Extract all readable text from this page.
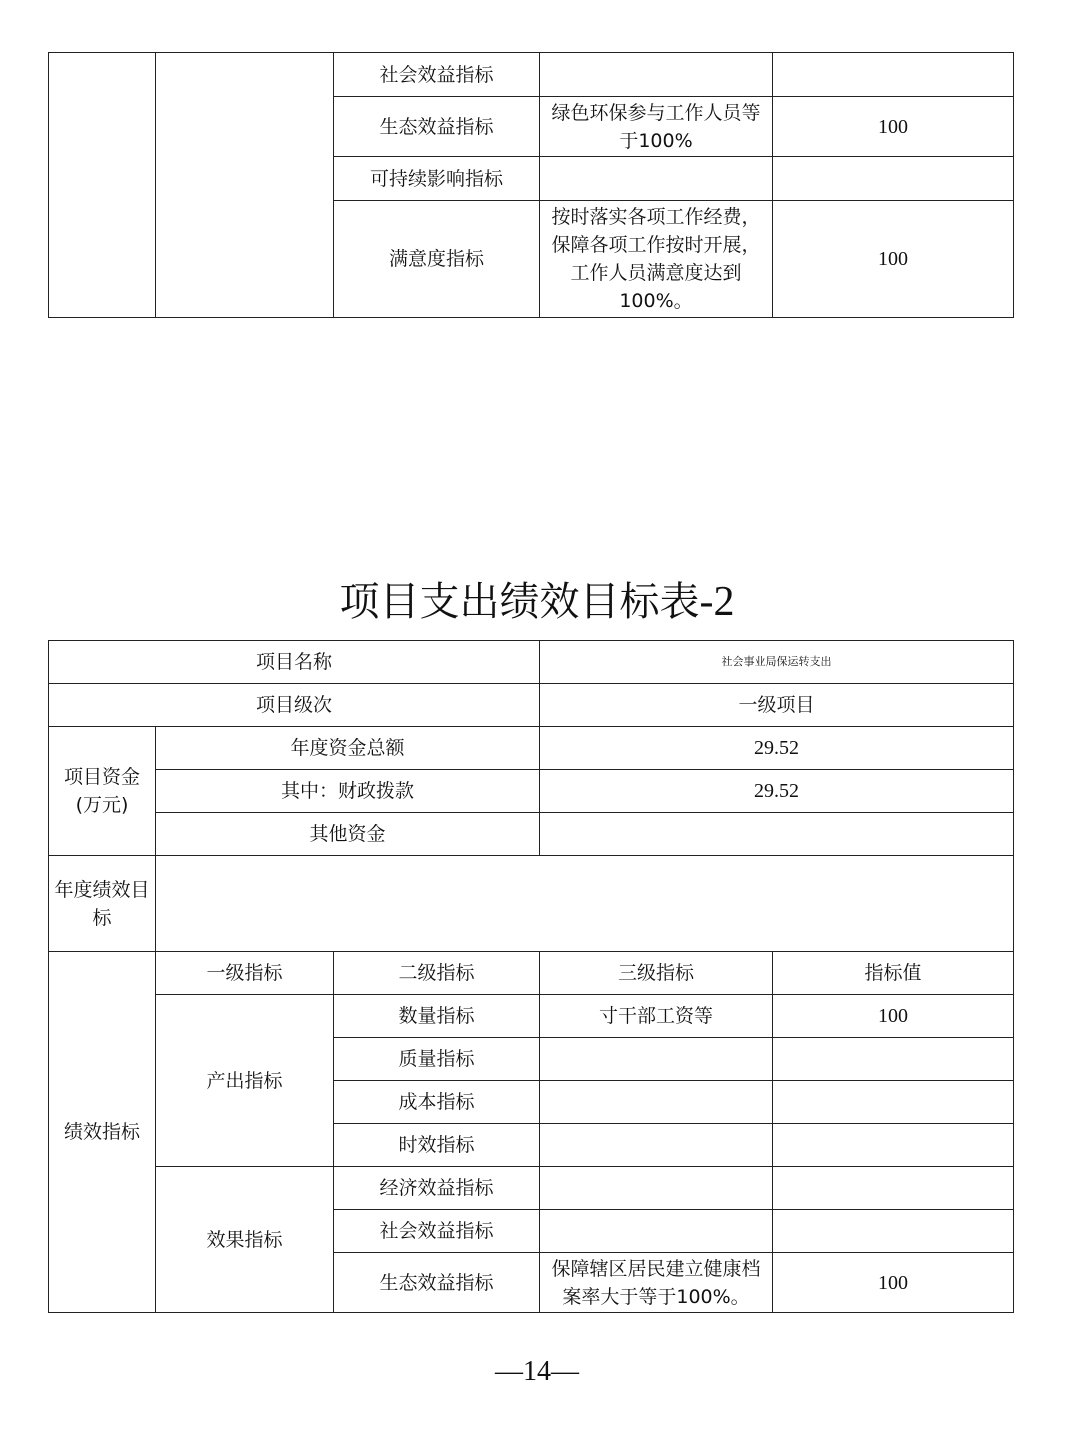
		社会效益指标		
		生态效益指标	绿色环保参与工作人员等于100%	100
		可持续影响指标		
		满意度指标	按时落实各项工作经费，保障各项工作按时开展，工作人员满意度达到100%。	100
项目支出绩效目标表-2
项目名称			社会事业局保运转支出	
项目级次			一级项目	
项目资金(万元)	年度资金总额		29.52	
	其中：财政拨款		29.52	
	其他资金			
年度绩效目标				
绩效指标	一级指标	二级指标	三级指标	指标值
	产出指标	数量指标	寸干部工资等	100
		质量指标		
		成本指标		
		时效指标		
	效果指标	经济效益指标		
		社会效益指标		
		生态效益指标	保障辖区居民建立健康档案率大于等于100%。	100
—14—
